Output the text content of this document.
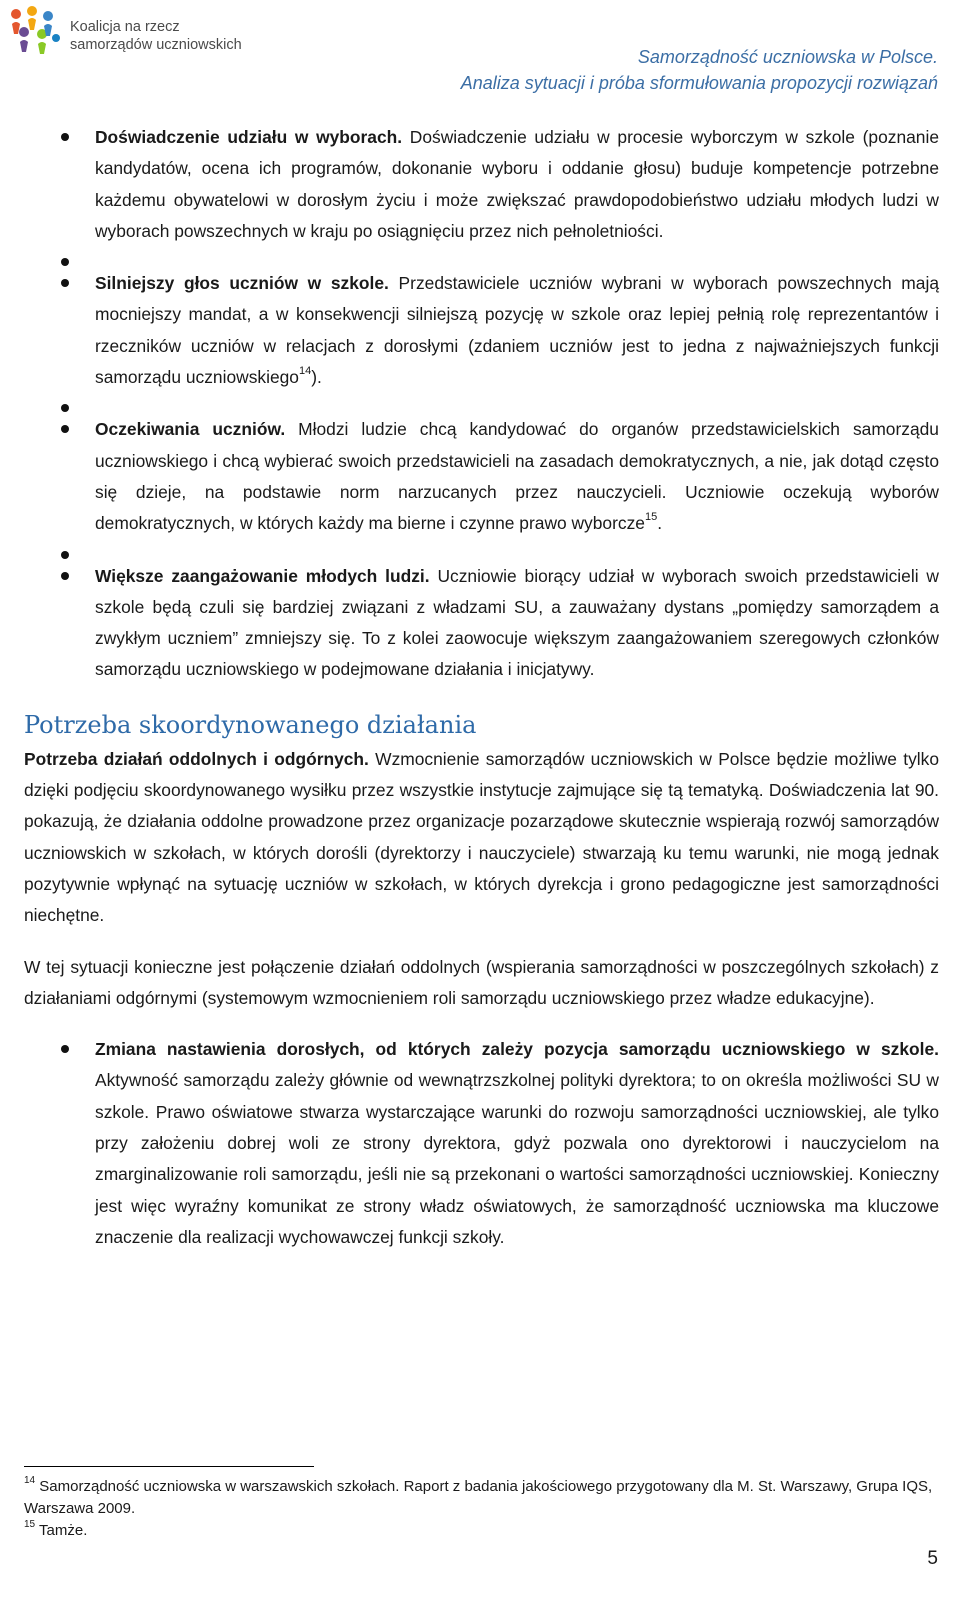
Koalicja na rzecz
samorządów uczniowskich
Samorządność uczniowska w Polsce.
Analiza sytuacji i próba sformułowania propozycji rozwiązań
Doświadczenie udziału w wyborach. Doświadczenie udziału w procesie wyborczym w szkole (poznanie kandydatów, ocena ich programów, dokonanie wyboru i oddanie głosu) buduje kompetencje potrzebne każdemu obywatelowi w dorosłym życiu i może zwiększać prawdopodobieństwo udziału młodych ludzi w wyborach powszechnych w kraju po osiągnięciu przez nich pełnoletniości.
Silniejszy głos uczniów w szkole. Przedstawiciele uczniów wybrani w wyborach powszechnych mają mocniejszy mandat, a w konsekwencji silniejszą pozycję w szkole oraz lepiej pełnią rolę reprezentantów i rzeczników uczniów w relacjach z dorosłymi (zdaniem uczniów jest to jedna z najważniejszych funkcji samorządu uczniowskiego$^{14}$).
Oczekiwania uczniów. Młodzi ludzie chcą kandydować do organów przedstawicielskich samorządu uczniowskiego i chcą wybierać swoich przedstawicieli na zasadach demokratycznych, a nie, jak dotąd często się dzieje, na podstawie norm narzucanych przez nauczycieli. Uczniowie oczekują wyborów demokratycznych, w których każdy ma bierne i czynne prawo wyborcze$^{15}$.
Większe zaangażowanie młodych ludzi. Uczniowie biorący udział w wyborach swoich przedstawicieli w szkole będą czuli się bardziej związani z władzami SU, a zauważany dystans „pomiędzy samorządem a zwykłym uczniem” zmniejszy się. To z kolei zaowocuje większym zaangażowaniem szeregowych członków samorządu uczniowskiego w podejmowane działania i inicjatywy.
Potrzeba skoordynowanego działania

Potrzeba działań oddolnych i odgórnych. Wzmocnienie samorządów uczniowskich w Polsce będzie możliwe tylko dzięki podjęciu skoordynowanego wysiłku przez wszystkie instytucje zajmujące się tą tematyką. Doświadczenia lat 90. pokazują, że działania oddolne prowadzone przez organizacje pozarządowe skutecznie wspierają rozwój samorządów uczniowskich w szkołach, w których dorośli (dyrektorzy i nauczyciele) stwarzają ku temu warunki, nie mogą jednak pozytywnie wpłynąć na sytuację uczniów w szkołach, w których dyrekcja i grono pedagogiczne jest samorządności niechętne.

W tej sytuacji konieczne jest połączenie działań oddolnych (wspierania samorządności w poszczególnych szkołach) z działaniami odgórnymi (systemowym wzmocnieniem roli samorządu uczniowskiego przez władze edukacyjne).

Zmiana nastawienia dorosłych, od których zależy pozycja samorządu uczniowskiego w szkole. Aktywność samorządu zależy głównie od wewnątrzszkolnej polityki dyrektora; to on określa możliwości SU w szkole. Prawo oświatowe stwarza wystarczające warunki do rozwoju samorządności uczniowskiej, ale tylko przy założeniu dobrej woli ze strony dyrektora, gdyż pozwala ono dyrektorowi i nauczycielom na zmarginalizowanie roli samorządu, jeśli nie są przekonani o wartości samorządności uczniowskiej. Konieczny jest więc wyraźny komunikat ze strony władz oświatowych, że samorządność uczniowska ma kluczowe znaczenie dla realizacji wychowawczej funkcji szkoły.

$^{14}$ Samorządność uczniowska w warszawskich szkołach. Raport z badania jakościowego przygotowany dla M. St. Warszawy, Grupa IQS, Warszawa 2009.

$^{15}$ Tamże.

5
